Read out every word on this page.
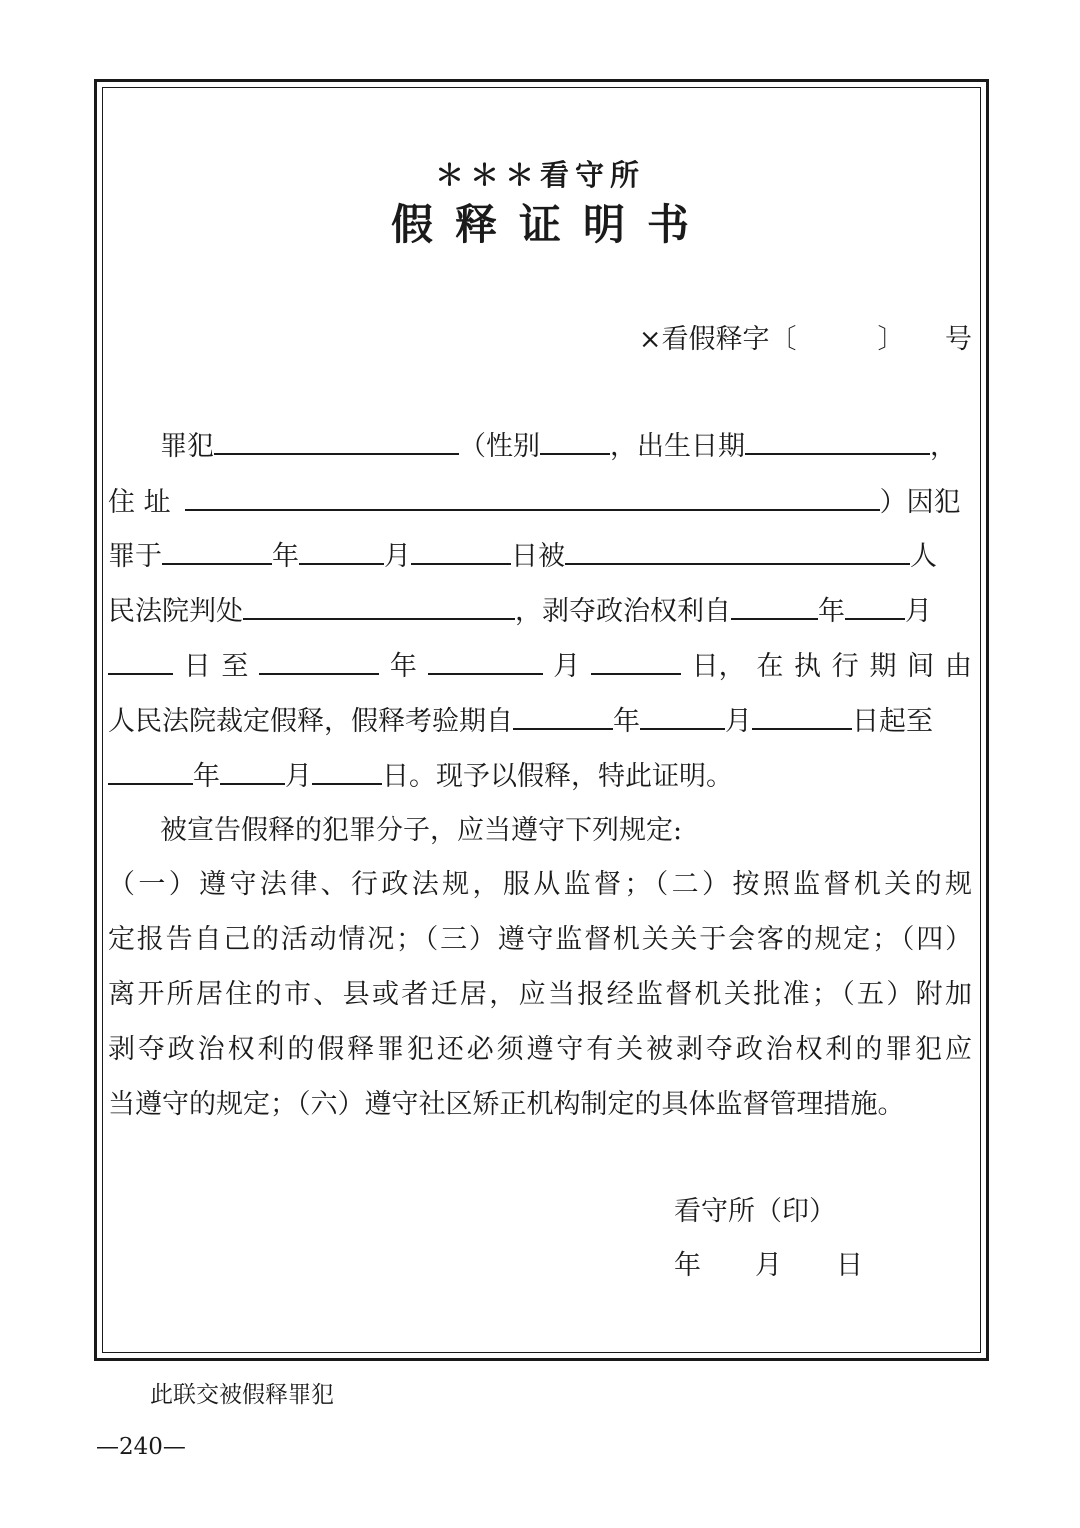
＊＊＊看守所
假释证明书
×看假释字〔　　　〕　　号
罪犯	（性别	，出生日期	，
住 址	）因犯
罪于	年	月	日被	人
民法院判处	，剥夺政治权利自	年 月
日 至	年	月	日， 在 执 行 期 间 由
人民法院裁定假释，假释考验期自	年	月	日起至
年 月	日。现予以假释，特此证明。
被宣告假释的犯罪分子，应当遵守下列规定:
（一）遵守法律、行政法规，服从监督；（二）按照监督机关的规
定报告自己的活动情况；（三）遵守监督机关关于会客的规定；（四）
离开所居住的市、县或者迁居，应当报经监督机关批准；（五）附加
剥夺政治权利的假释罪犯还必须遵守有关被剥夺政治权利的罪犯应
当遵守的规定；（六）遵守社区矫正机构制定的具体监督管理措施。
看守所（印）
年　　月　　日
此联交被假释罪犯
—240—
